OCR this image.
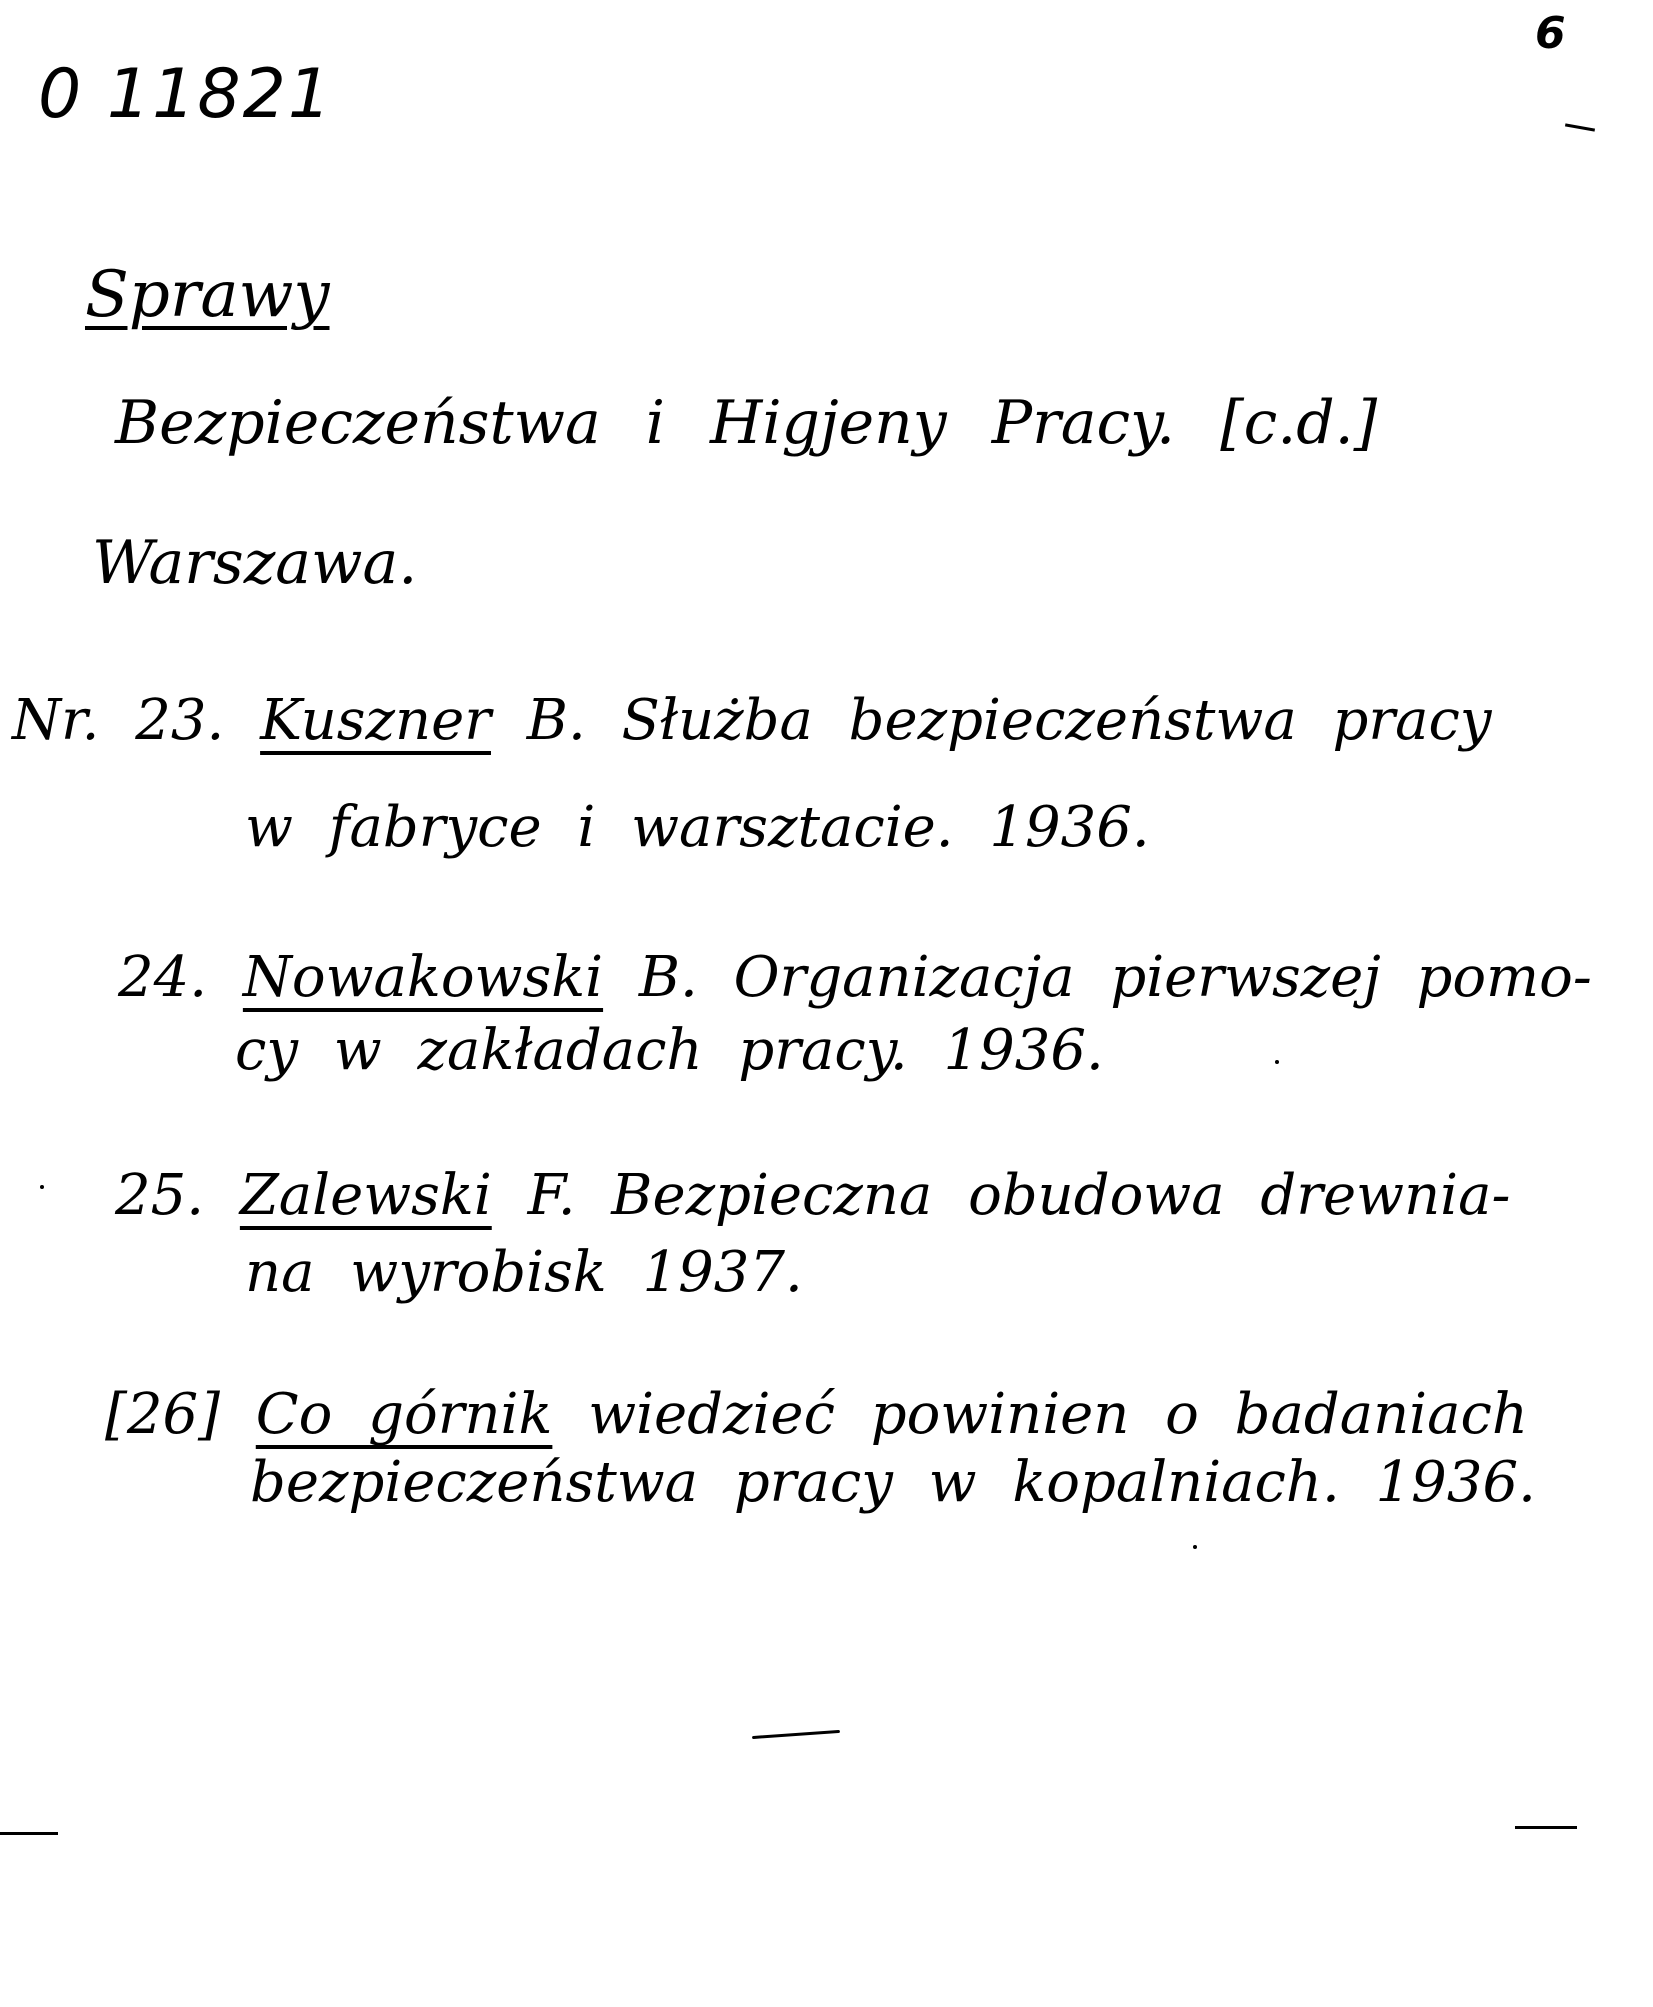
0 11821
6
Sprawy
Bezpieczeństwa i Higjeny Pracy. [c.d.]
Warszawa.
Nr. 23. Kuszner B. Służba bezpieczeństwa pracy
w fabryce i warsztacie. 1936.
24. Nowakowski B. Organizacja pierwszej pomo-
cy w zakładach pracy. 1936.
25. Zalewski F. Bezpieczna obudowa drewnia-
na wyrobisk 1937.
[26] Co górnik wiedzieć powinien o badaniach
bezpieczeństwa pracy w kopalniach. 1936.
